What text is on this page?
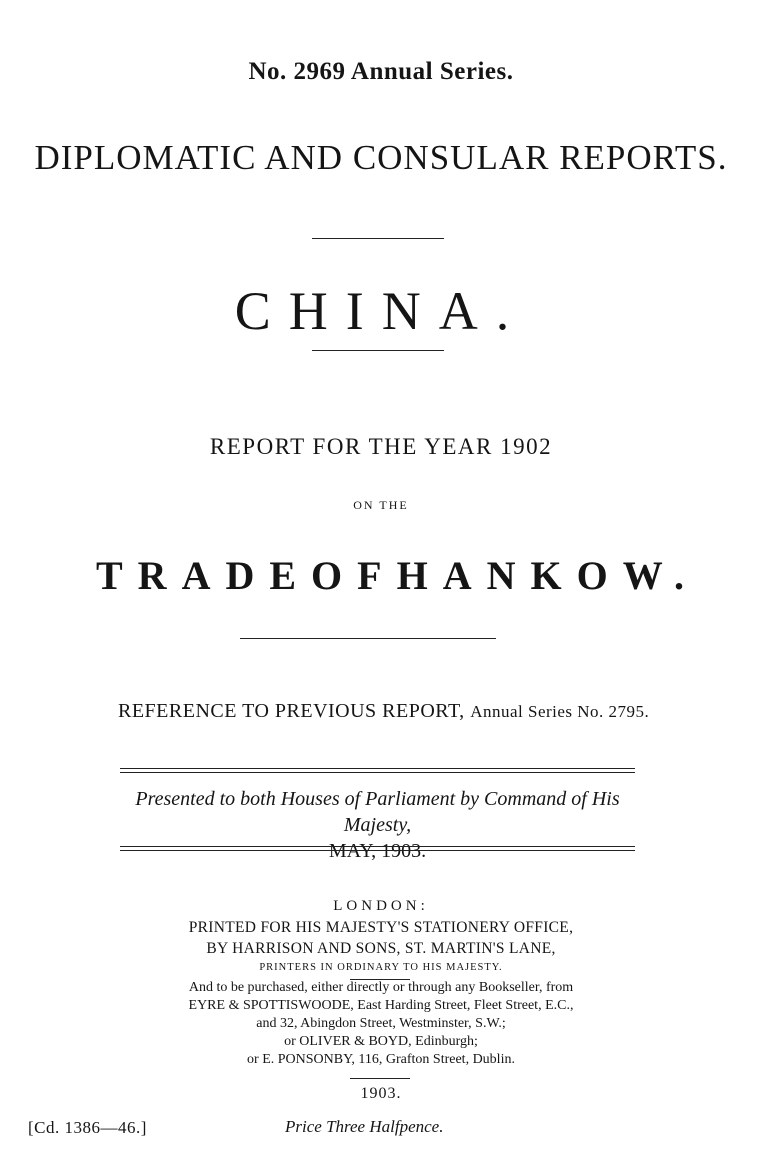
No. 2969 Annual Series.
DIPLOMATIC AND CONSULAR REPORTS.
CHINA.
REPORT FOR THE YEAR 1902
ON THE
TRADE OF HANKOW.
REFERENCE TO PREVIOUS REPORT, Annual Series No. 2795.
Presented to both Houses of Parliament by Command of His Majesty,
MAY, 1903.
LONDON:
PRINTED FOR HIS MAJESTY'S STATIONERY OFFICE,
BY HARRISON AND SONS, ST. MARTIN'S LANE,
PRINTERS IN ORDINARY TO HIS MAJESTY.
And to be purchased, either directly or through any Bookseller, from
EYRE & SPOTTISWOODE, East Harding Street, Fleet Street, E.C.,
and 32, Abingdon Street, Westminster, S.W.;
or OLIVER & BOYD, Edinburgh;
or E. PONSONBY, 116, Grafton Street, Dublin.
1903.
[Cd. 1386—46.]	Price Three Halfpence.
